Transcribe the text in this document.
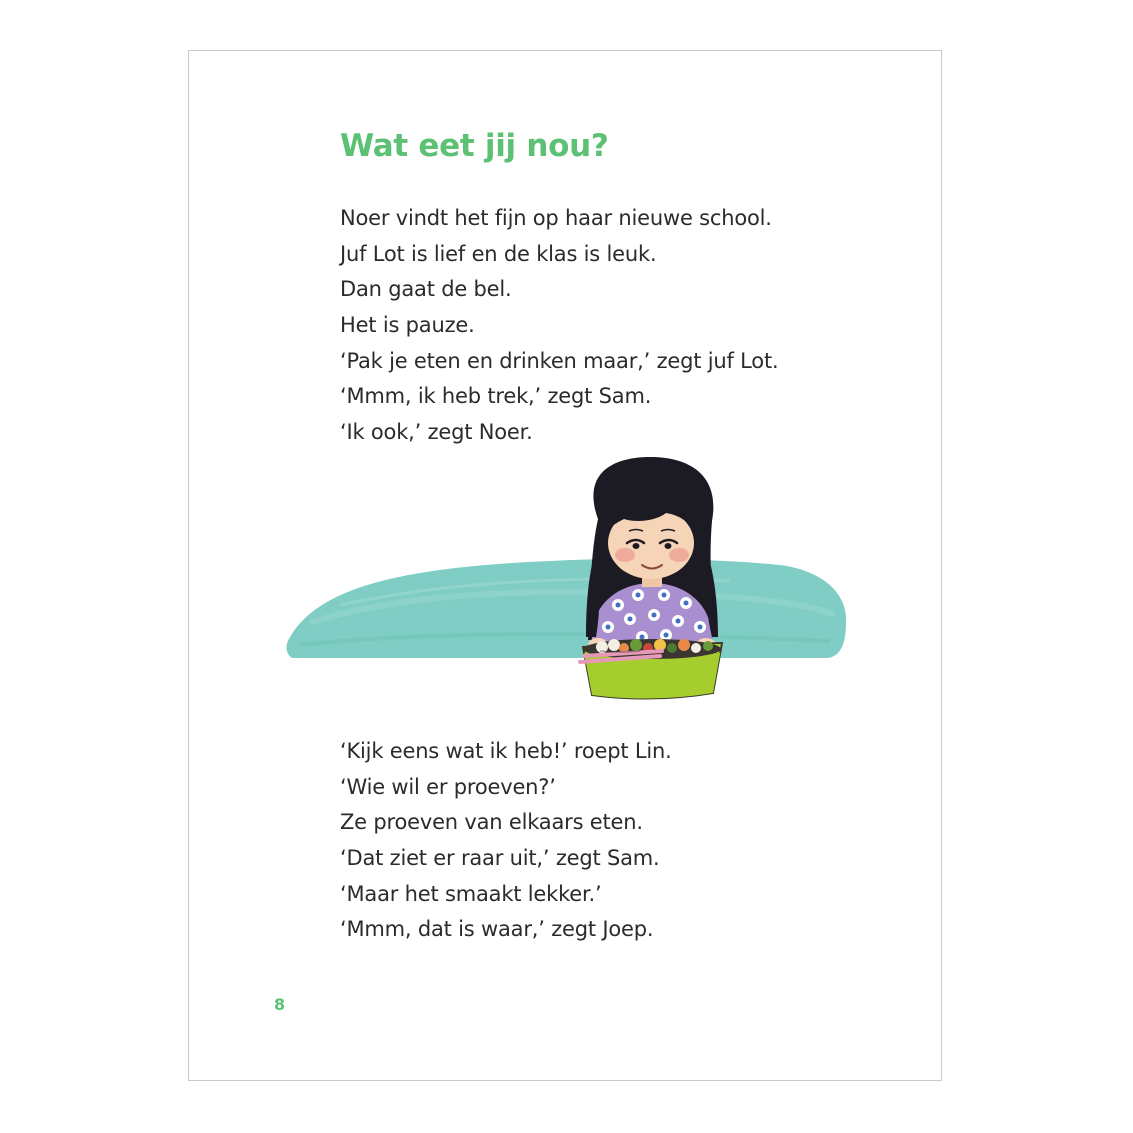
Wat eet jij nou?
Noer vindt het fijn op haar nieuwe school.
Juf Lot is lief en de klas is leuk.
Dan gaat de bel.
Het is pauze.
‘Pak je eten en drinken maar,’ zegt juf Lot.
‘Mmm, ik heb trek,’ zegt Sam.
‘Ik ook,’ zegt Noer.
‘Kijk eens wat ik heb!’ roept Lin.
‘Wie wil er proeven?’
Ze proeven van elkaars eten.
‘Dat ziet er raar uit,’ zegt Sam.
‘Maar het smaakt lekker.’
‘Mmm, dat is waar,’ zegt Joep.
8
